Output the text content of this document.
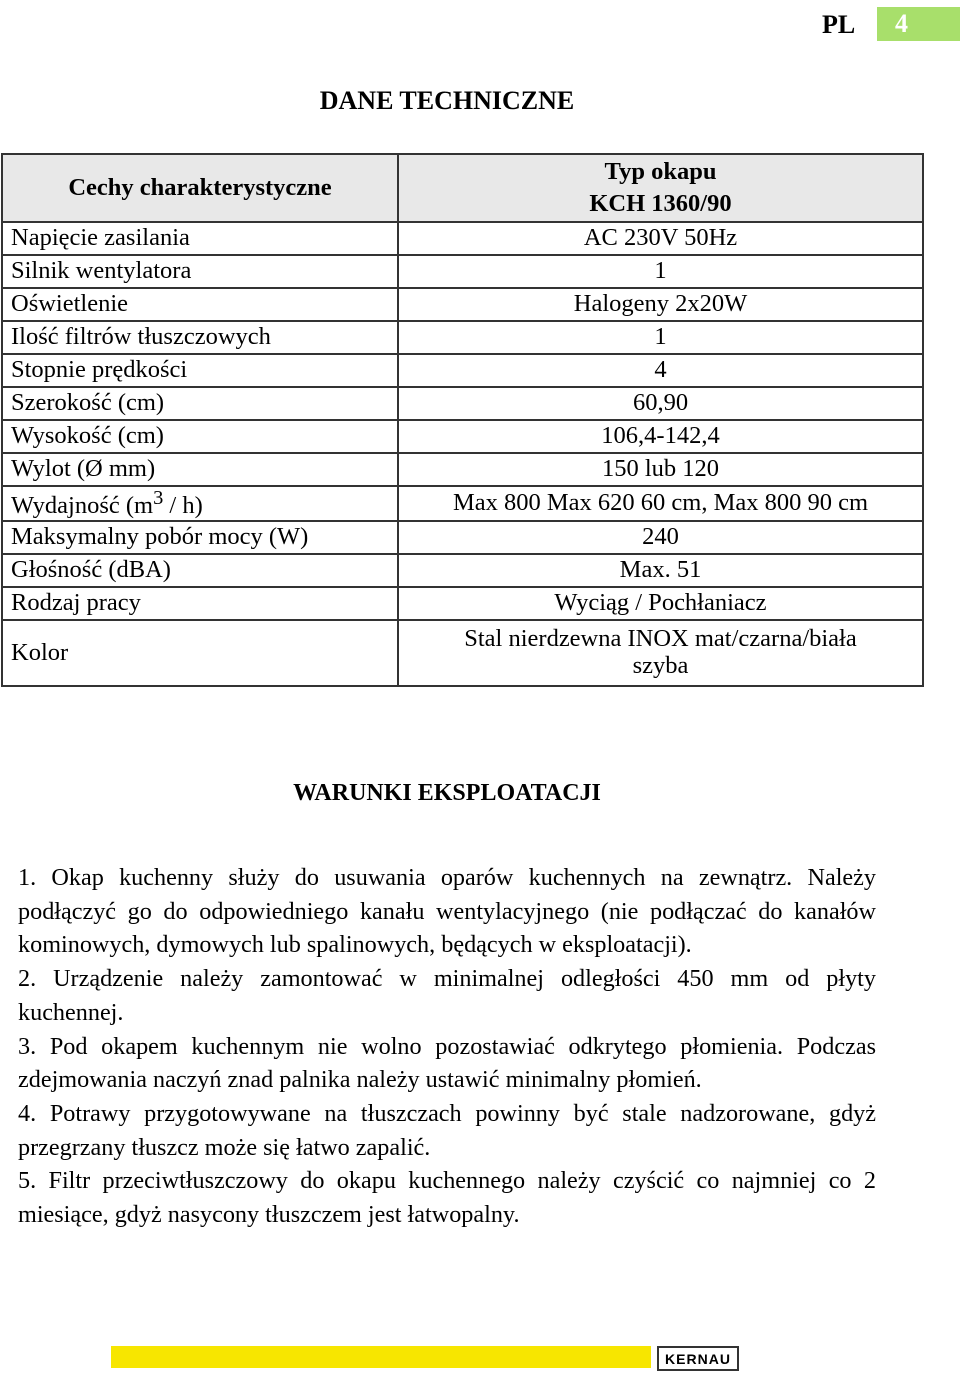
PL	4
DANE TECHNICZNE
Cechy charakterystyczne	Typ okapu
KCH 1360/90

Napięcie zasilania	AC 230V 50Hz
Silnik wentylatora	1
Oświetlenie	Halogeny 2x20W
Ilość filtrów tłuszczowych	1
Stopnie prędkości	4
Szerokość (cm)	60,90
Wysokość (cm)	106,4-142,4
Wylot (Ø mm)	150 lub 120
Wydajność $(m^3 / h)$	Max 800 Max 620 60 cm, Max 800 90 cm
Maksymalny pobór mocy (W)	240
Głośność (dBA)	Max. 51
Rodzaj pracy	Wyciąg / Pochłaniacz
Kolor	Stal nierdzewna INOX mat/czarna/biała
szyba
WARUNKI EKSPLOATACJI

1. Okap kuchenny służy do usuwania oparów kuchennych na zewnątrz. Należy podłączyć go do odpowiedniego kanału wentylacyjnego (nie podłączać do kanałów kominowych, dymowych lub spalinowych, będących w eksploatacji).

2. Urządzenie należy zamontować w minimalnej odległości 450 mm od płyty kuchennej.

3. Pod okapem kuchennym nie wolno pozostawiać odkrytego płomienia. Podczas zdejmowania naczyń znad palnika należy ustawić minimalny płomień.

4. Potrawy przygotowywane na tłuszczach powinny być stale nadzorowane, gdyż przegrzany tłuszcz może się łatwo zapalić.

5. Filtr przeciwtłuszczowy do okapu kuchennego należy czyścić co najmniej co 2 miesiące, gdyż nasycony tłuszczem jest łatwopalny.

KERNAU
